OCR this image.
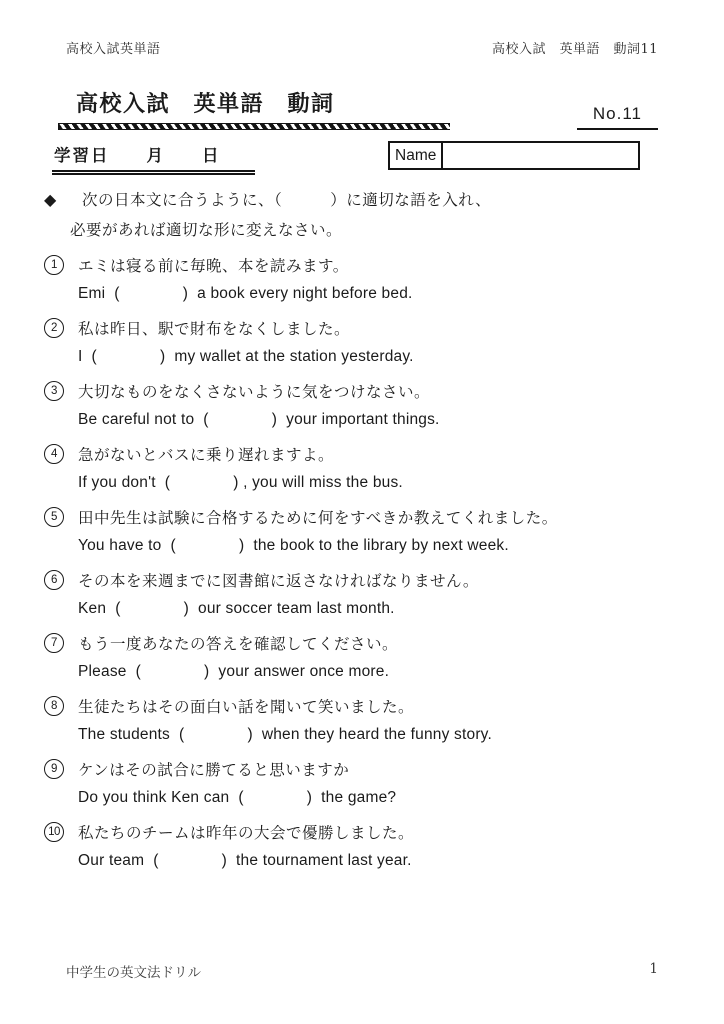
高校入試英単語	高校入試　英単語　動詞11
高校入試　英単語　動詞	No.11
学習日　　月　　日	Name
◆	次の日本文に合うように、（　　　）に適切な語を入れ、
必要があれば適切な形に変えなさい。
1	エミは寝る前に毎晩、本を読みます。
Emi  (              )  a book every night before bed.
2	私は昨日、駅で財布をなくしました。
I  (              )  my wallet at the station yesterday.
3	大切なものをなくさないように気をつけなさい。
Be careful not to  (              )  your important things.
4	急がないとバスに乗り遅れますよ。
If you don't  (              ) , you will miss the bus.
5	田中先生は試験に合格するために何をすべきか教えてくれました。
You have to  (              )  the book to the library by next week.
6	その本を来週までに図書館に返さなければなりません。
Ken  (              )  our soccer team last month.
7	もう一度あなたの答えを確認してください。
Please  (              )  your answer once more.
8	生徒たちはその面白い話を聞いて笑いました。
The students  (              )  when they heard the funny story.
9	ケンはその試合に勝てると思いますか
Do you think Ken can  (              )  the game?
10 私たちのチームは昨年の大会で優勝しました。
Our team  (              )  the tournament last year.
中学生の英文法ドリル	1
